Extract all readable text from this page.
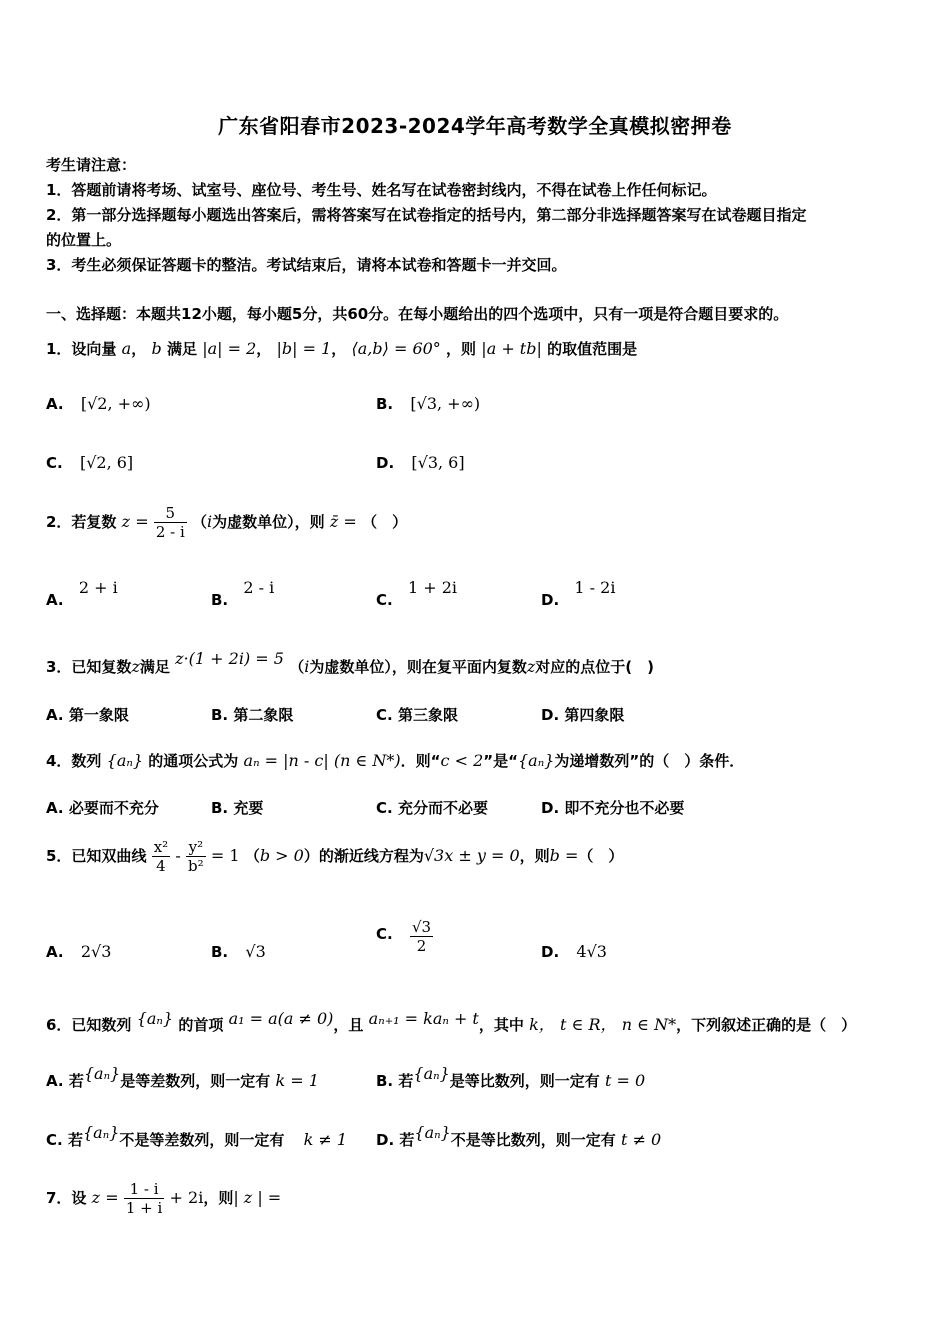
广东省阳春市2023-2024学年高考数学全真模拟密押卷
考生请注意：
1．答题前请将考场、试室号、座位号、考生号、姓名写在试卷密封线内，不得在试卷上作任何标记。
2．第一部分选择题每小题选出答案后，需将答案写在试卷指定的括号内，第二部分非选择题答案写在试卷题目指定
的位置上。
3．考生必须保证答题卡的整洁。考试结束后，请将本试卷和答题卡一并交回。
一、选择题：本题共12小题，每小题5分，共60分。在每小题给出的四个选项中，只有一项是符合题目要求的。
1．设向量 a， b 满足 |a| = 2， |b| = 1， ⟨a,b⟩ = 60° ，则 |a + tb| 的取值范围是
A. [√2, +∞)	B. [√3, +∞)
C. [√2, 6]	D. [√3, 6]
2．若复数 $z = \frac{5}{2 - i} (i$为虚数单位），则 z̄ = （　）
A. 2 + i
B. 2 - i
C. 1 + 2i
D. 1 - 2i
3．已知复数z满足 z·(1 + 2i) = 5 （i为虚数单位），则在复平面内复数z对应的点位于(　)
A. 第一象限	B. 第二象限	C. 第三象限	D. 第四象限
4．数列 {aₙ} 的通项公式为 aₙ = |n - c| (n ∈ N*)．则“c < 2”是“{aₙ}为递增数列”的（　）条件．
A. 必要而不充分	B. 充要	C. 充分而不必要	D. 即不充分也不必要
5．已知双曲线 $\frac{\text{x²}}{4} - \frac{\text{y²}}{\text{b²}} = 1$ （b > 0）的渐近线方程为√3x ± y = 0，则b =（　）
A. 2√3	B. √3
C. $\frac{√3}{2}$	D. 4√3
6．已知数列 {aₙ} 的首项 a₁ = a(a ≠ 0)，且 aₙ₊₁ = kaₙ + t，其中 k， t ∈ R， n ∈ N*，下列叙述正确的是（　）
A. 若{aₙ}是等差数列，则一定有 k = 1	B. 若{aₙ}是等比数列，则一定有 t = 0
C. 若{aₙ}不是等差数列，则一定有 k ≠ 1 D. 若{aₙ}不是等比数列，则一定有 t ≠ 0
7．设 $z = \frac{1 - i}{1 + i} + 2i$，则| z | =
